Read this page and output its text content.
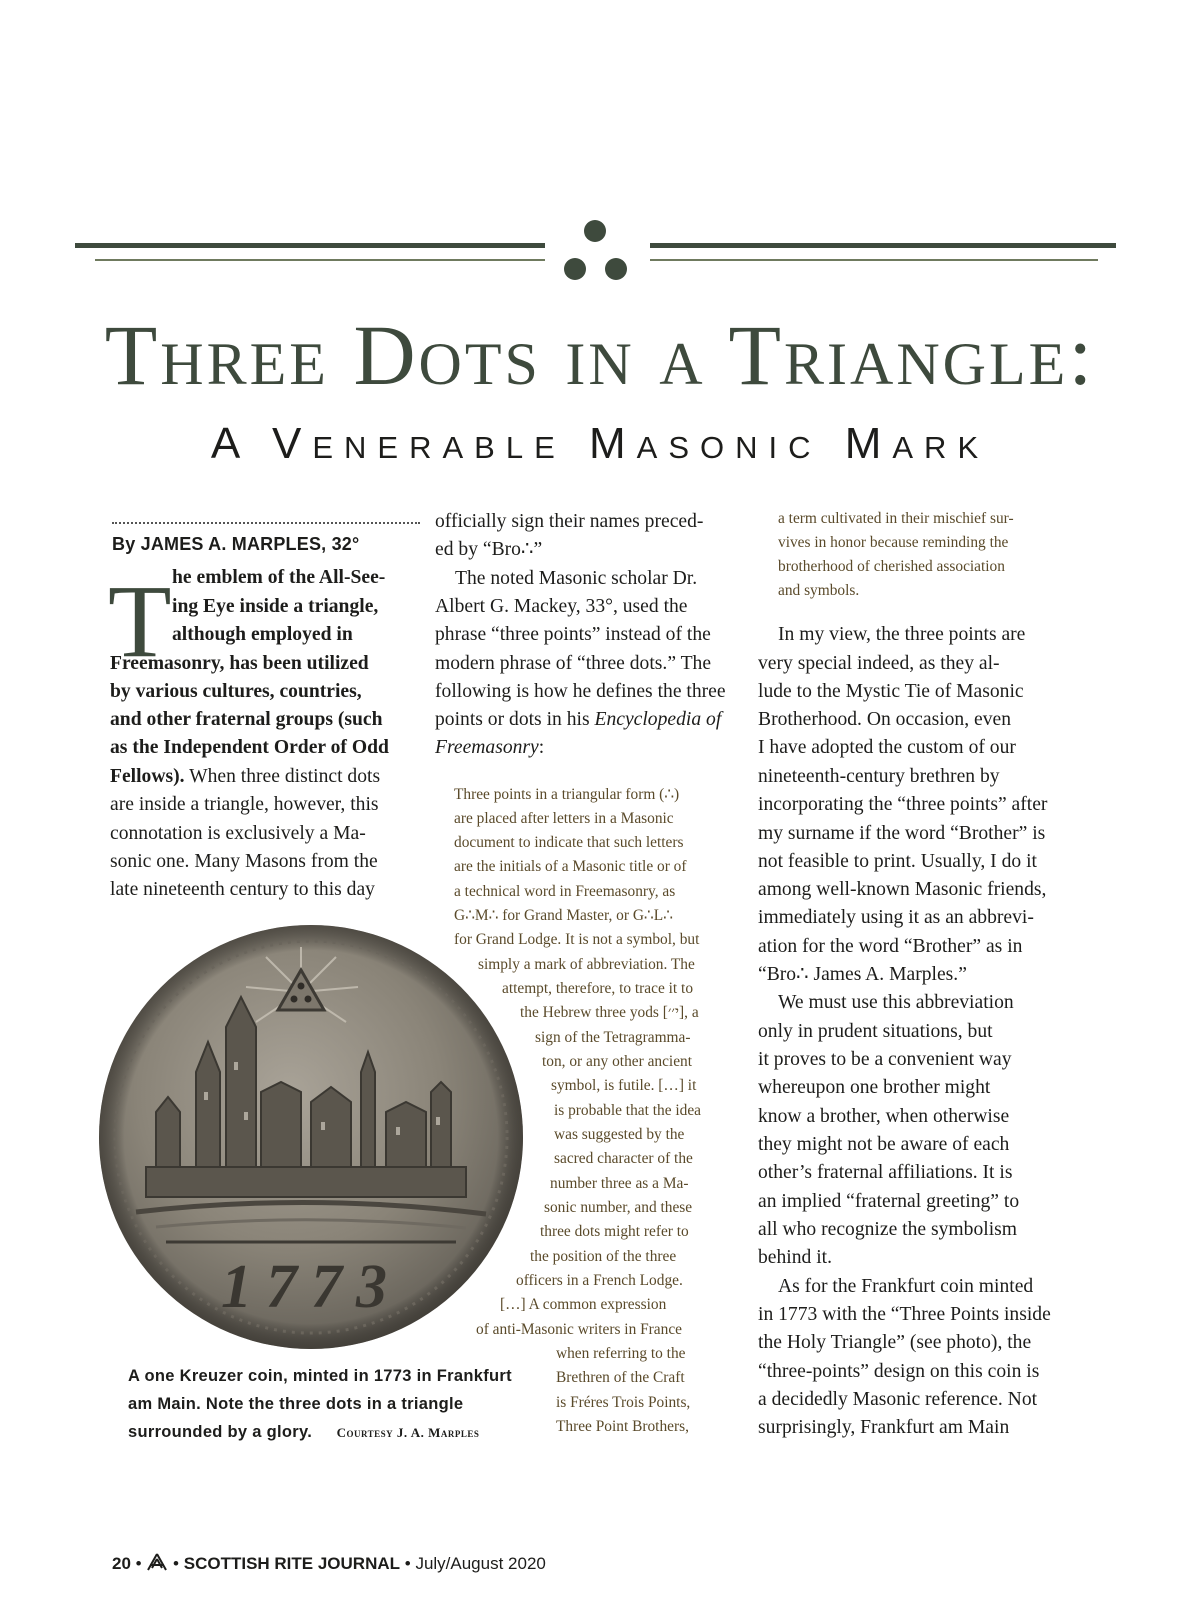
Three Dots in a Triangle:
A Venerable Masonic Mark
By JAMES A. MARPLES, 32°
T he emblem of the All-See-
ing Eye inside a triangle,
although employed in
Freemasonry, has been utilized
by various cultures, countries,
and other fraternal groups (such
as the Independent Order of Odd
Fellows). When three distinct dots
are inside a triangle, however, this
connotation is exclusively a Ma-
sonic one. Many Masons from the
late nineteenth century to this day
1773
officially sign their names preced-
ed by “Bro∴”
The noted Masonic scholar Dr.
Albert G. Mackey, 33°, used the
phrase “three points” instead of the
modern phrase of “three dots.” The
following is how he defines the three
points or dots in his Encyclopedia of
Freemasonry:
Three points in a triangular form (∴)
are placed after letters in a Masonic
document to indicate that such letters
are the initials of a Masonic title or of
a technical word in Freemasonry, as
G∴M∴ for Grand Master, or G∴L∴
for Grand Lodge. It is not a symbol, but
simply a mark of abbreviation. The
attempt, therefore, to trace it to
the Hebrew three yods [י׳׳], a
sign of the Tetragramma-
ton, or any other ancient
symbol, is futile. […] it
is probable that the idea
was suggested by the
sacred character of the
number three as a Ma-
sonic number, and these
three dots might refer to
the position of the three
officers in a French Lodge.
[…] A common expression
of anti-Masonic writers in France
when referring to the
Brethren of the Craft
is Fréres Trois Points,
Three Point Brothers,
a term cultivated in their mischief sur-
vives in honor because reminding the
brotherhood of cherished association
and symbols.
In my view, the three points are
very special indeed, as they al-
lude to the Mystic Tie of Masonic
Brotherhood. On occasion, even
I have adopted the custom of our
nineteenth-century brethren by
incorporating the “three points” after
my surname if the word “Brother” is
not feasible to print. Usually, I do it
among well-known Masonic friends,
immediately using it as an abbrevi-
ation for the word “Brother” as in
“Bro∴ James A. Marples.”
We must use this abbreviation
only in prudent situations, but
it proves to be a convenient way
whereupon one brother might
know a brother, when otherwise
they might not be aware of each
other’s fraternal affiliations. It is
an implied “fraternal greeting” to
all who recognize the symbolism
behind it.
As for the Frankfurt coin minted
in 1773 with the “Three Points inside
the Holy Triangle” (see photo), the
“three-points” design on this coin is
a decidedly Masonic reference. Not
surprisingly, Frankfurt am Main
A one Kreuzer coin, minted in 1773 in Frankfurt
am Main. Note the three dots in a triangle
surrounded by a glory. Courtesy J. A. Marples
20 •  • SCOTTISH RITE JOURNAL • July/August 2020
